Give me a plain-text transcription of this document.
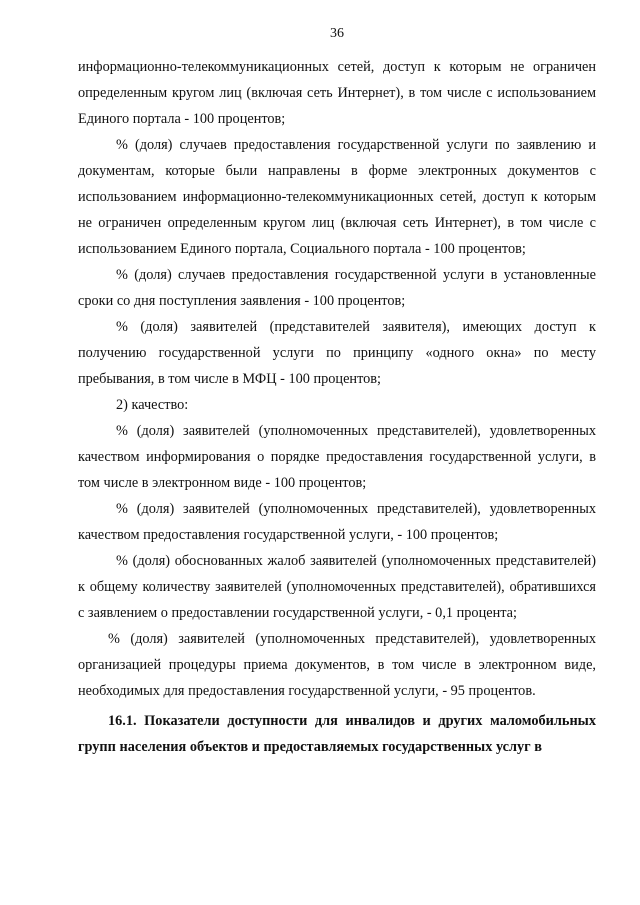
36

информационно-телекоммуникационных сетей, доступ к которым не ограничен определенным кругом лиц (включая сеть Интернет), в том числе с использованием Единого портала - 100 процентов;

% (доля) случаев предоставления государственной услуги по заявлению и документам, которые были направлены в форме электронных документов с использованием информационно-телекоммуникационных сетей, доступ к которым не ограничен определенным кругом лиц (включая сеть Интернет), в том числе с использованием Единого портала, Социального портала - 100 процентов;

% (доля) случаев предоставления государственной услуги в установленные сроки со дня поступления заявления - 100 процентов;

% (доля) заявителей (представителей заявителя), имеющих доступ к получению государственной услуги по принципу «одного окна» по месту пребывания, в том числе в МФЦ - 100 процентов;

2) качество:

% (доля) заявителей (уполномоченных представителей), удовлетворенных качеством информирования о порядке предоставления государственной услуги, в том числе в электронном виде - 100 процентов;

% (доля) заявителей (уполномоченных представителей), удовлетворенных качеством предоставления государственной услуги, - 100 процентов;

% (доля) обоснованных жалоб заявителей (уполномоченных представителей) к общему количеству заявителей (уполномоченных представителей), обратившихся с заявлением о предоставлении государственной услуги, - 0,1 процента;

% (доля) заявителей (уполномоченных представителей), удовлетворенных организацией процедуры приема документов, в том числе в электронном виде, необходимых для предоставления государственной услуги, - 95 процентов.

16.1. Показатели доступности для инвалидов и других маломобильных групп населения объектов и предоставляемых государственных услуг в
